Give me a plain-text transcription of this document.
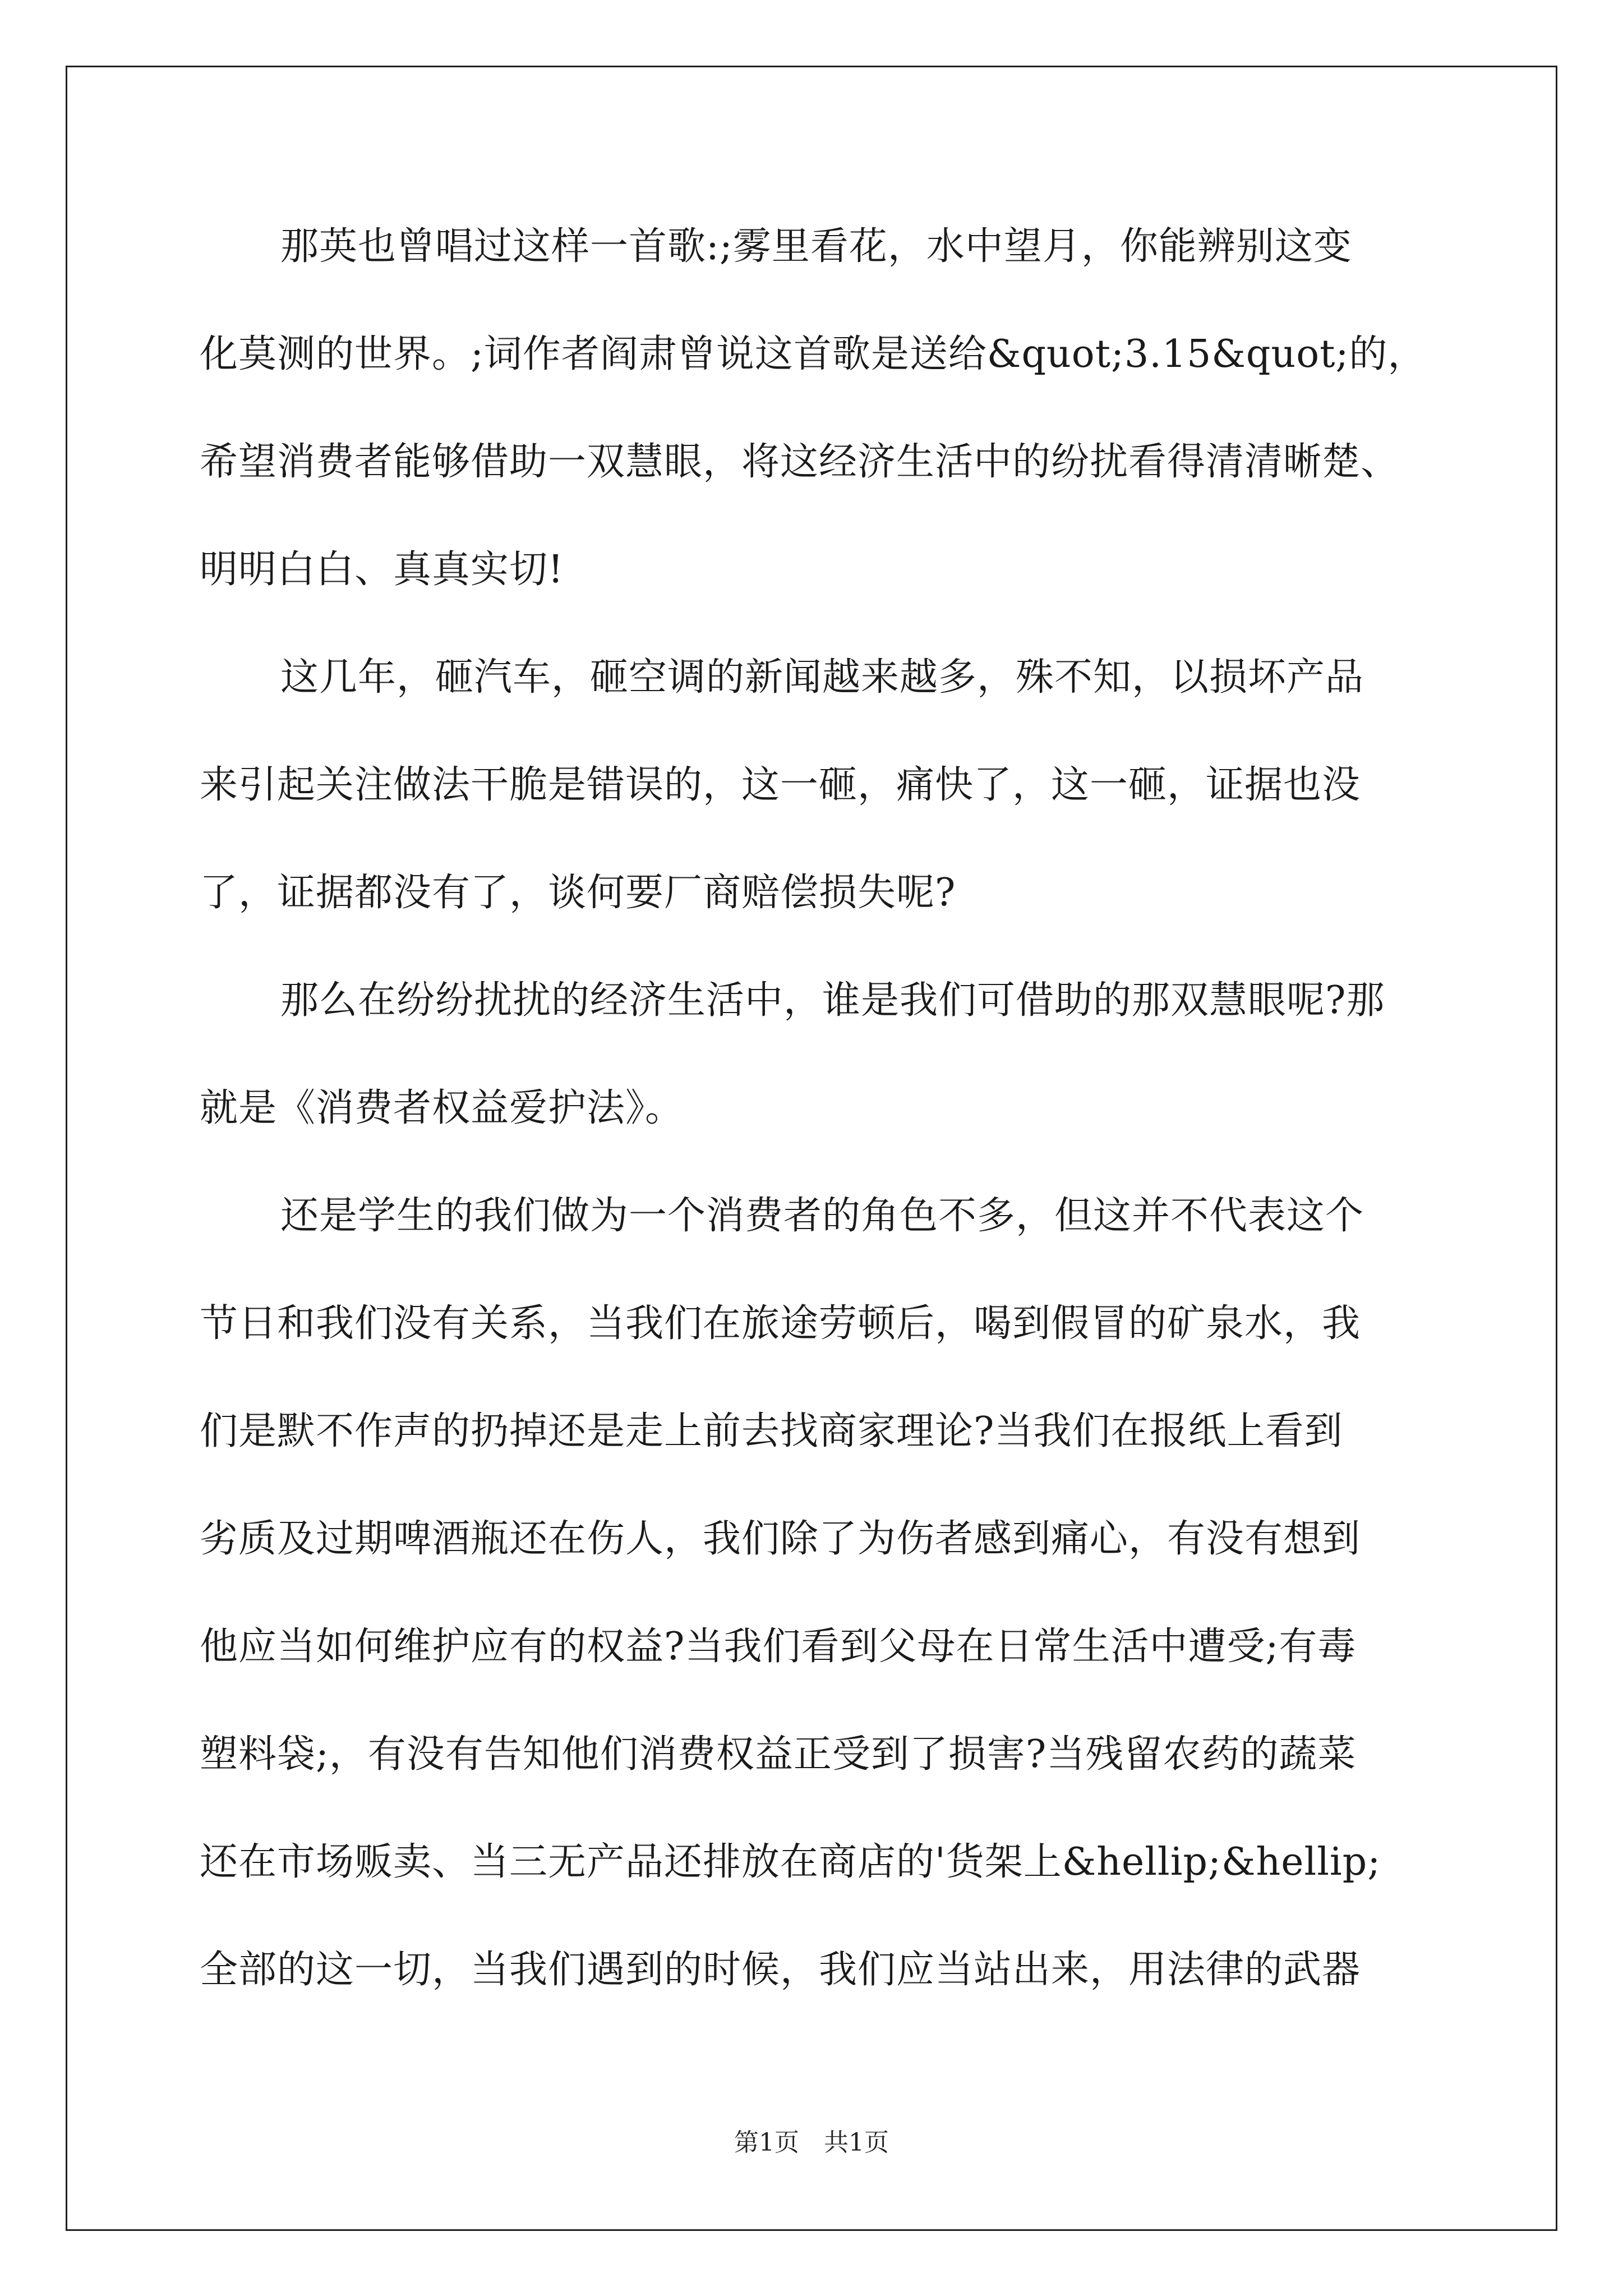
那英也曾唱过这样一首歌:;雾里看花，水中望月，你能辨别这变
化莫测的世界。;词作者阎肃曾说这首歌是送给&quot;3.15&quot;的，
希望消费者能够借助一双慧眼，将这经济生活中的纷扰看得清清晰楚、
明明白白、真真实切!
这几年，砸汽车，砸空调的新闻越来越多，殊不知，以损坏产品
来引起关注做法干脆是错误的，这一砸，痛快了，这一砸，证据也没
了，证据都没有了，谈何要厂商赔偿损失呢?
那么在纷纷扰扰的经济生活中，谁是我们可借助的那双慧眼呢?那
就是《消费者权益爱护法》。
还是学生的我们做为一个消费者的角色不多，但这并不代表这个
节日和我们没有关系，当我们在旅途劳顿后，喝到假冒的矿泉水，我
们是默不作声的扔掉还是走上前去找商家理论?当我们在报纸上看到
劣质及过期啤酒瓶还在伤人，我们除了为伤者感到痛心，有没有想到
他应当如何维护应有的权益?当我们看到父母在日常生活中遭受;有毒
塑料袋;，有没有告知他们消费权益正受到了损害?当残留农药的蔬菜
还在市场贩卖、当三无产品还排放在商店的'货架上&hellip;&hellip;
全部的这一切，当我们遇到的时候，我们应当站出来，用法律的武器
第1页　共1页
